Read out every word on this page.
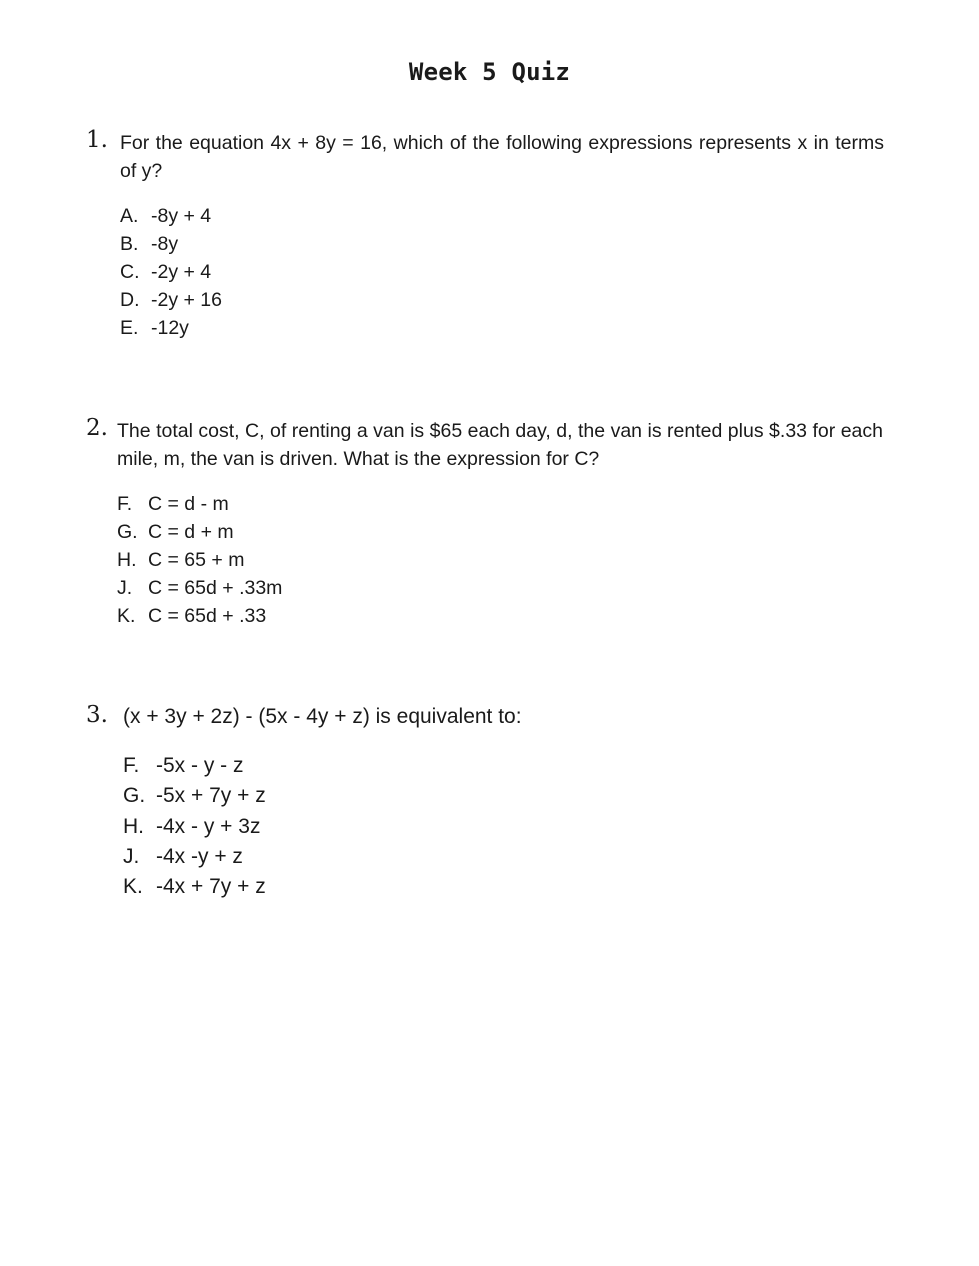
Week 5 Quiz
1. For the equation 4x + 8y = 16, which of the following expressions represents x in terms of y?
A. -8y + 4
B. -8y
C. -2y + 4
D. -2y + 16
E. -12y
2. The total cost, C, of renting a van is $65 each day, d, the van is rented plus $.33 for each mile, m, the van is driven. What is the expression for C?
F. C = d - m
G. C = d + m
H. C = 65 + m
J. C = 65d + .33m
K. C = 65d + .33
3. (x + 3y + 2z) - (5x - 4y + z) is equivalent to:
F. -5x - y - z
G. -5x + 7y + z
H. -4x - y + 3z
J. -4x -y + z
K. -4x + 7y + z
